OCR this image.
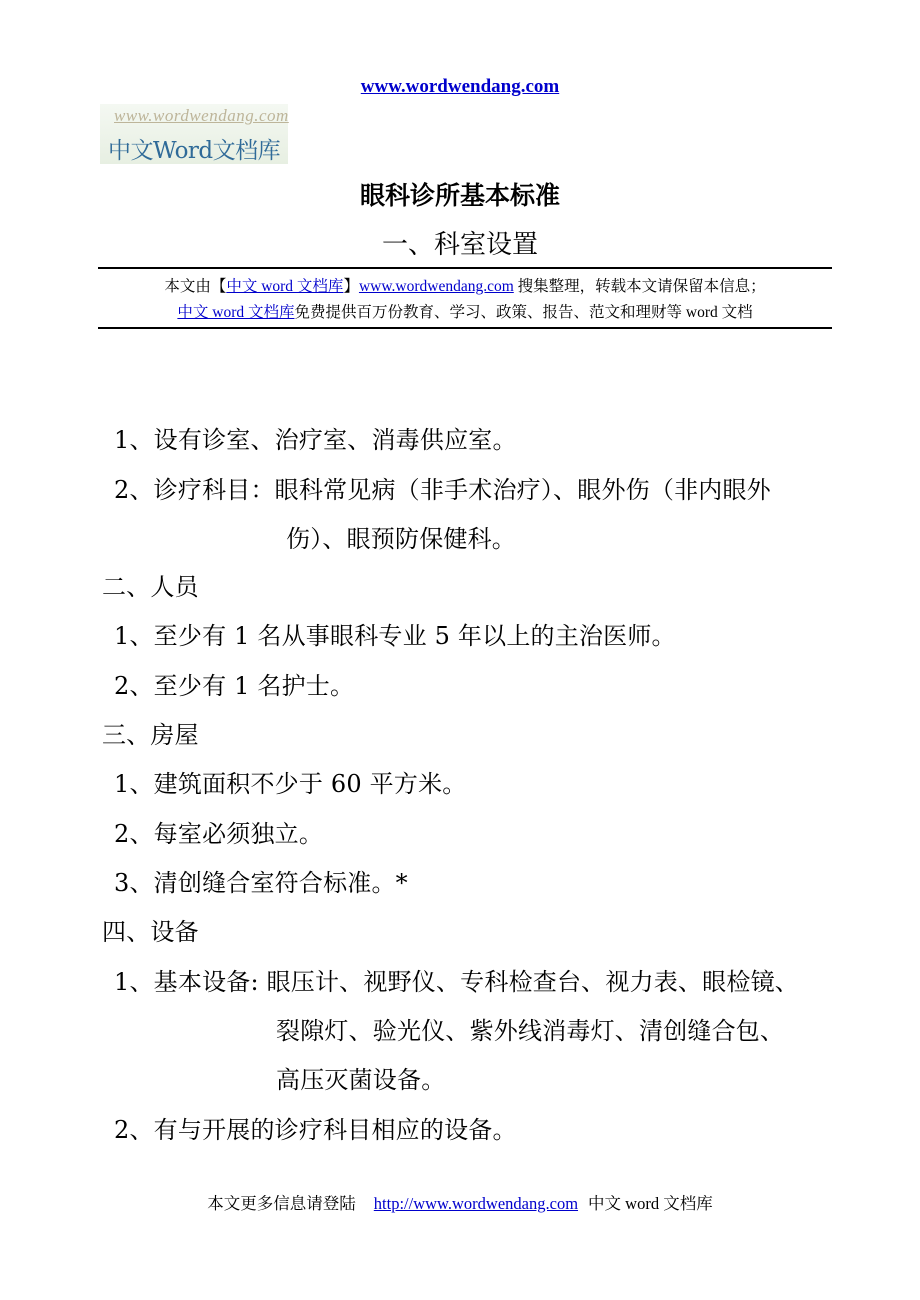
www.wordwendang.com
www.wordwendang.com
中文Word文档库
眼科诊所基本标准
一、科室设置
本文由【中文 word 文档库】www.wordwendang.com 搜集整理，转载本文请保留本信息；
中文 word 文档库免费提供百万份教育、学习、政策、报告、范文和理财等 word 文档
1、设有诊室、治疗室、消毒供应室。
2、诊疗科目：眼科常见病（非手术治疗）、眼外伤（非内眼外
伤）、眼预防保健科。
二、人员
1、至少有 1 名从事眼科专业 5 年以上的主治医师。
2、至少有 1 名护士。
三、房屋
1、建筑面积不少于 60 平方米。
2、每室必须独立。
3、清创缝合室符合标准。*
四、设备
1、基本设备: 眼压计、视野仪、专科检查台、视力表、眼检镜、
裂隙灯、验光仪、紫外线消毒灯、清创缝合包、
高压灭菌设备。
2、有与开展的诊疗科目相应的设备。
本文更多信息请登陆 http://www.wordwendang.com 中文 word 文档库
